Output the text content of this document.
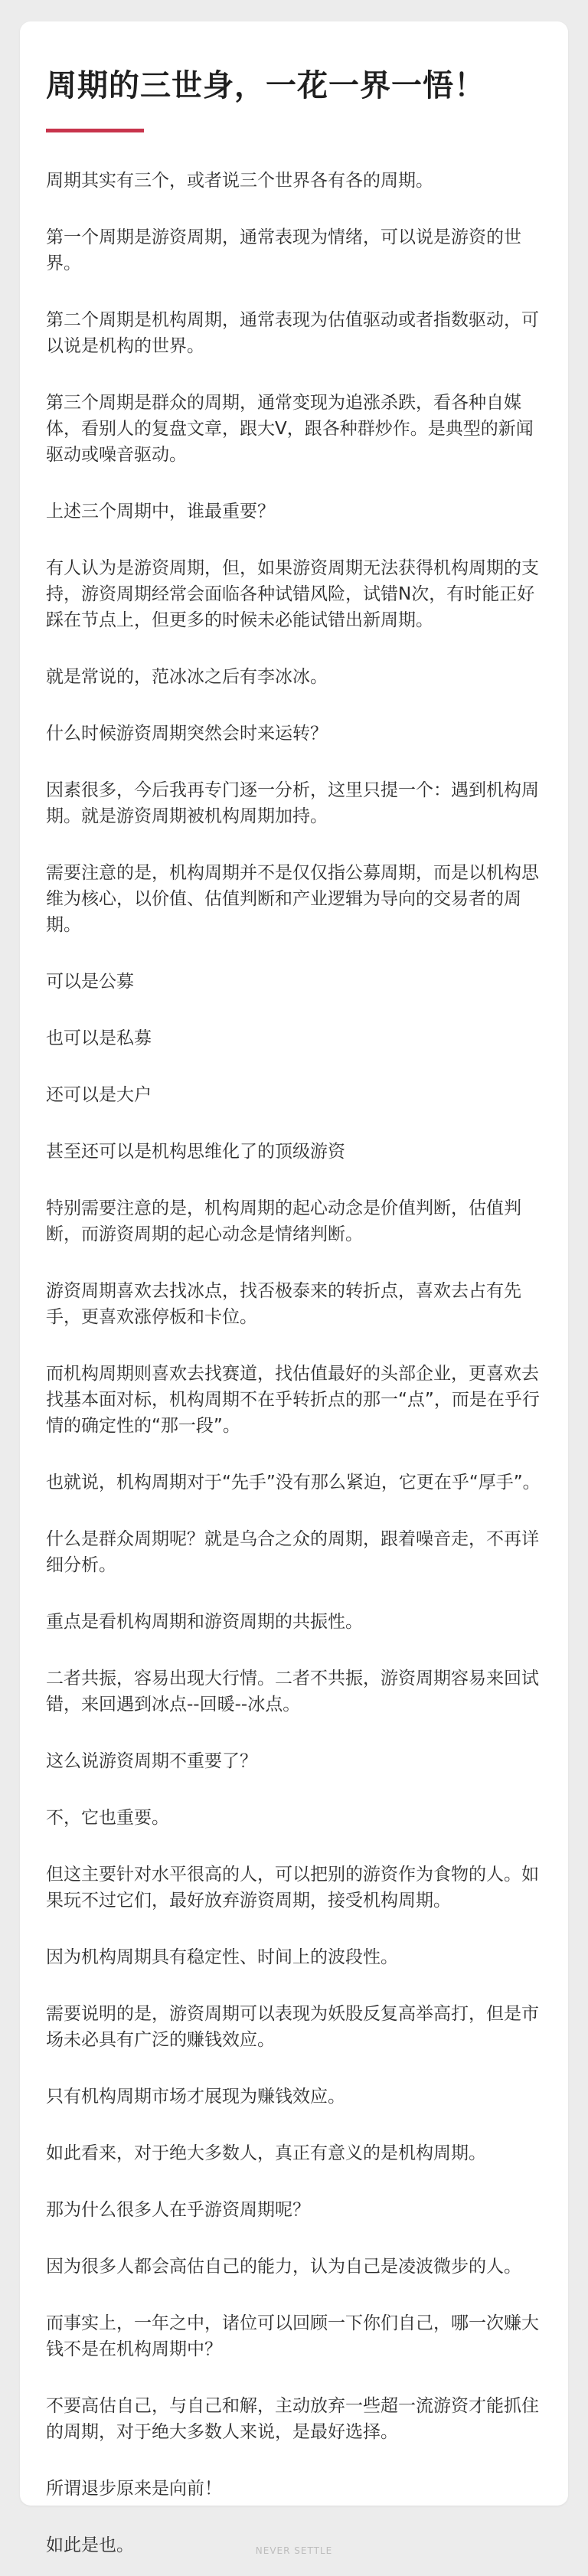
周期的三世身，一花一界一悟！

周期其实有三个，或者说三个世界各有各的周期。

第一个周期是游资周期，通常表现为情绪，可以说是游资的世界。

第二个周期是机构周期，通常表现为估值驱动或者指数驱动，可以说是机构的世界。

第三个周期是群众的周期，通常变现为追涨杀跌，看各种自媒体，看别人的复盘文章，跟大V，跟各种群炒作。是典型的新闻驱动或噪音驱动。

上述三个周期中，谁最重要？

有人认为是游资周期，但，如果游资周期无法获得机构周期的支持，游资周期经常会面临各种试错风险，试错N次，有时能正好踩在节点上，但更多的时候未必能试错出新周期。

就是常说的，范冰冰之后有李冰冰。

什么时候游资周期突然会时来运转？

因素很多，今后我再专门逐一分析，这里只提一个：遇到机构周期。就是游资周期被机构周期加持。

需要注意的是，机构周期并不是仅仅指公募周期，而是以机构思维为核心，以价值、估值判断和产业逻辑为导向的交易者的周期。

可以是公募

也可以是私募

还可以是大户

甚至还可以是机构思维化了的顶级游资

特别需要注意的是，机构周期的起心动念是价值判断，估值判断，而游资周期的起心动念是情绪判断。

游资周期喜欢去找冰点，找否极泰来的转折点，喜欢去占有先手，更喜欢涨停板和卡位。

而机构周期则喜欢去找赛道，找估值最好的头部企业，更喜欢去找基本面对标，机构周期不在乎转折点的那一“点”，而是在乎行情的确定性的“那一段”。

也就说，机构周期对于“先手”没有那么紧迫，它更在乎“厚手”。

什么是群众周期呢？就是乌合之众的周期，跟着噪音走，不再详细分析。

重点是看机构周期和游资周期的共振性。

二者共振，容易出现大行情。二者不共振，游资周期容易来回试错，来回遇到冰点--回暖--冰点。

这么说游资周期不重要了？

不，它也重要。

但这主要针对水平很高的人，可以把别的游资作为食物的人。如果玩不过它们，最好放弃游资周期，接受机构周期。

因为机构周期具有稳定性、时间上的波段性。

需要说明的是，游资周期可以表现为妖股反复高举高打，但是市场未必具有广泛的赚钱效应。

只有机构周期市场才展现为赚钱效应。

如此看来，对于绝大多数人，真正有意义的是机构周期。

那为什么很多人在乎游资周期呢？

因为很多人都会高估自己的能力，认为自己是凌波微步的人。

而事实上，一年之中，诸位可以回顾一下你们自己，哪一次赚大钱不是在机构周期中？

不要高估自己，与自己和解，主动放弃一些超一流游资才能抓住的周期，对于绝大多数人来说，是最好选择。

所谓退步原来是向前！

如此是也。	NEVER SETTLE
